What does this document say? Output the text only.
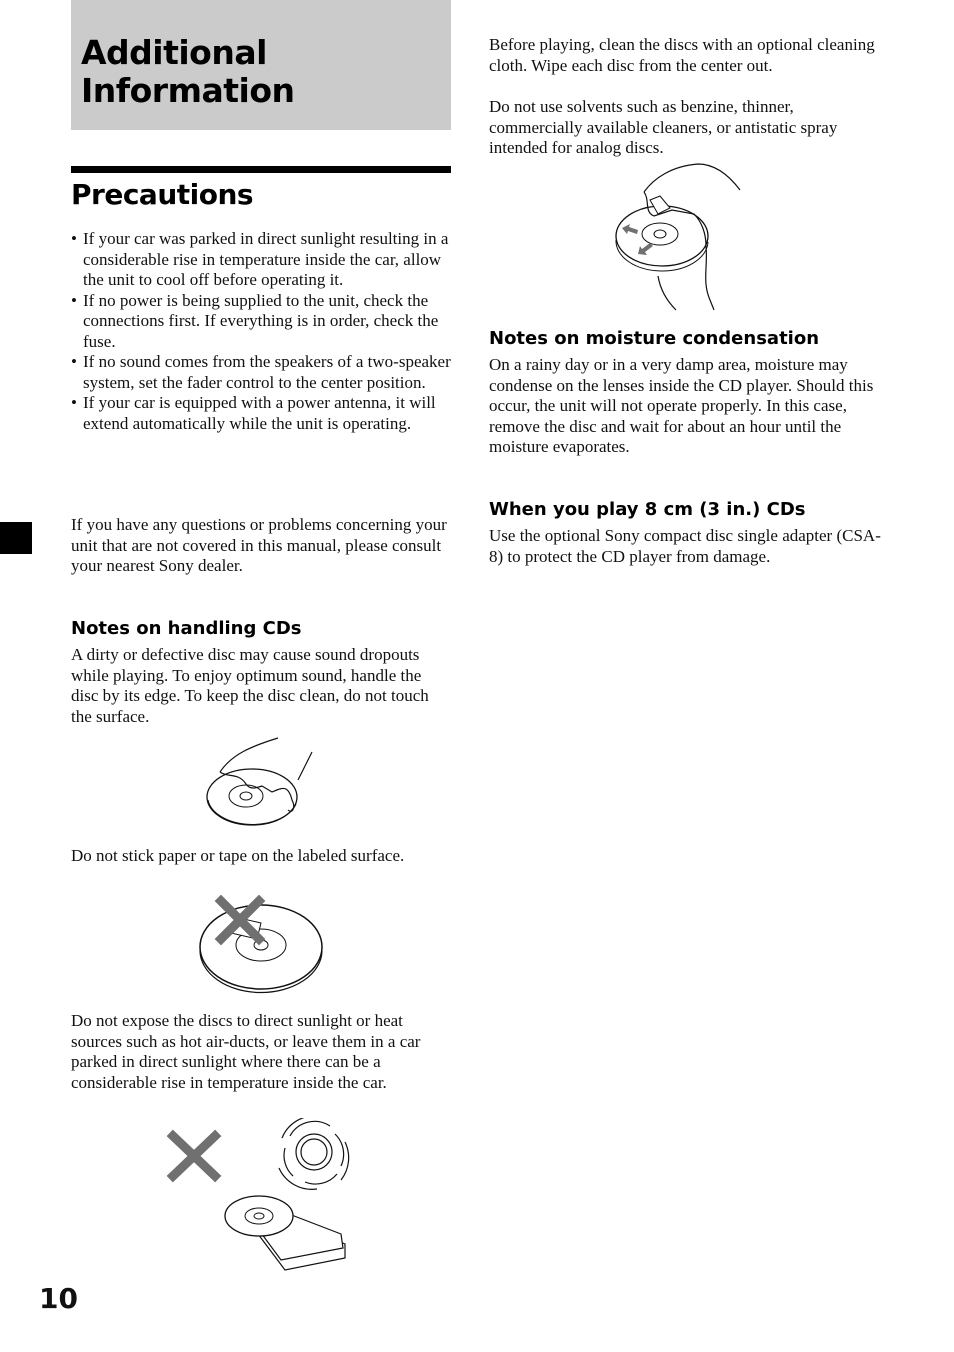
Additional
Information
Precautions
• If your car was parked in direct sunlight resulting in a considerable rise in temperature inside the car, allow the unit to cool off before operating it.
• If no power is being supplied to the unit, check the connections first. If everything is in order, check the fuse.
• If no sound comes from the speakers of a two-speaker system, set the fader control to the center position.
• If your car is equipped with a power antenna, it will extend automatically while the unit is operating.

If you have any questions or problems concerning your unit that are not covered in this manual, please consult your nearest Sony dealer.

Notes on handling CDs

A dirty or defective disc may cause sound dropouts while playing. To enjoy optimum sound, handle the disc by its edge. To keep the disc clean, do not touch the surface.

Do not stick paper or tape on the labeled surface.

Do not expose the discs to direct sunlight or heat sources such as hot air-ducts, or leave them in a car parked in direct sunlight where there can be a considerable rise in temperature inside the car.

10

Before playing, clean the discs with an optional cleaning cloth. Wipe each disc from the center out.

Do not use solvents such as benzine, thinner, commercially available cleaners, or antistatic spray intended for analog discs.

Notes on moisture condensation

On a rainy day or in a very damp area, moisture may condense on the lenses inside the CD player. Should this occur, the unit will not operate properly. In this case, remove the disc and wait for about an hour until the moisture evaporates.

When you play 8 cm (3 in.) CDs

Use the optional Sony compact disc single adapter (CSA-8) to protect the CD player from damage.
